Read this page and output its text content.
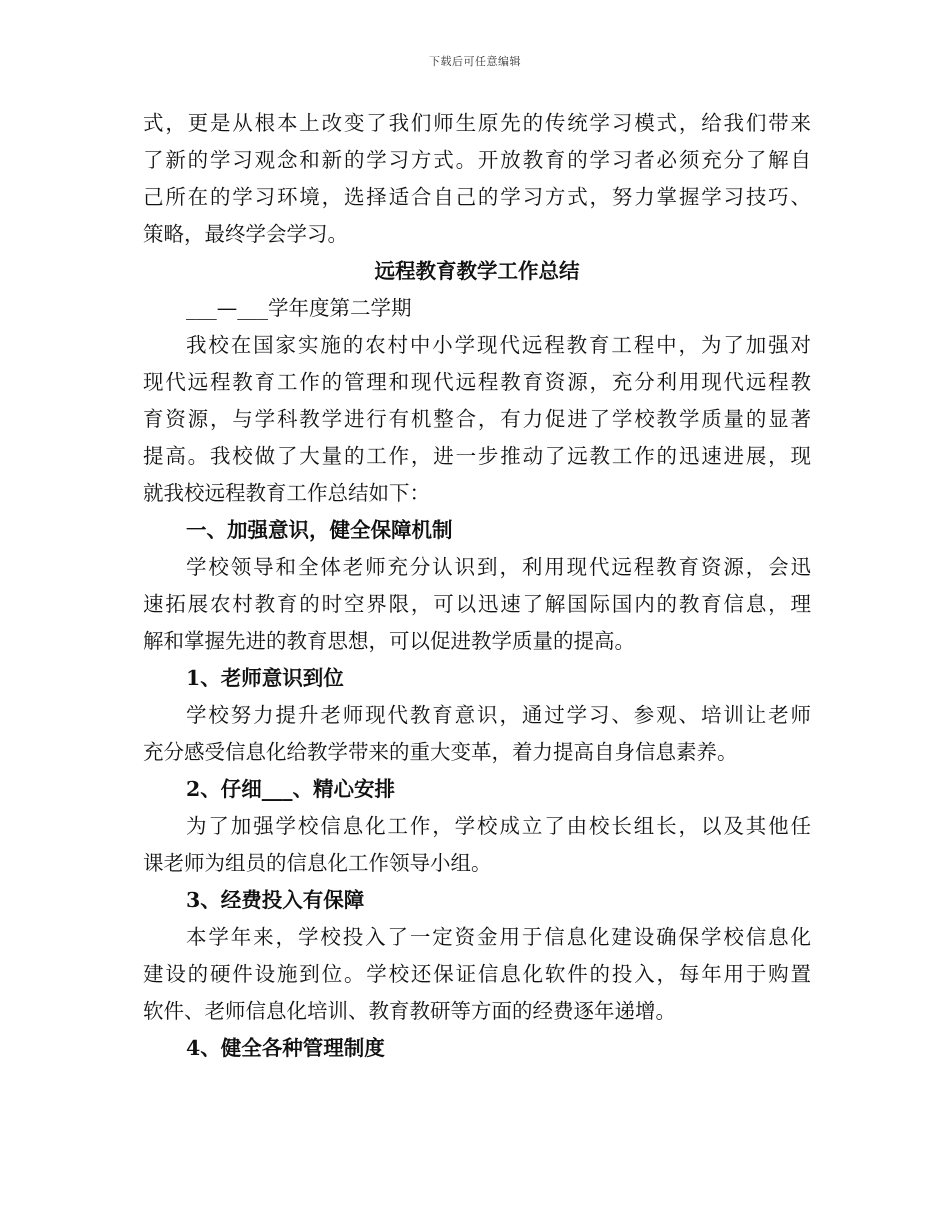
下载后可任意编辑
式，更是从根本上改变了我们师生原先的传统学习模式，给我们带来
了新的学习观念和新的学习方式。开放教育的学习者必须充分了解自
己所在的学习环境，选择适合自己的学习方式，努力掌握学习技巧、
策略，最终学会学习。
远程教育教学工作总结
___—___学年度第二学期
我校在国家实施的农村中小学现代远程教育工程中，为了加强对
现代远程教育工作的管理和现代远程教育资源，充分利用现代远程教
育资源，与学科教学进行有机整合，有力促进了学校教学质量的显著
提高。我校做了大量的工作，进一步推动了远教工作的迅速进展，现
就我校远程教育工作总结如下：
一、加强意识，健全保障机制
学校领导和全体老师充分认识到，利用现代远程教育资源，会迅
速拓展农村教育的时空界限，可以迅速了解国际国内的教育信息，理
解和掌握先进的教育思想，可以促进教学质量的提高。
1、老师意识到位
学校努力提升老师现代教育意识，通过学习、参观、培训让老师
充分感受信息化给教学带来的重大变革，着力提高自身信息素养。
2、仔细___、精心安排
为了加强学校信息化工作，学校成立了由校长组长，以及其他任
课老师为组员的信息化工作领导小组。
3、经费投入有保障
本学年来，学校投入了一定资金用于信息化建设确保学校信息化
建设的硬件设施到位。学校还保证信息化软件的投入，每年用于购置
软件、老师信息化培训、教育教研等方面的经费逐年递增。
4、健全各种管理制度
